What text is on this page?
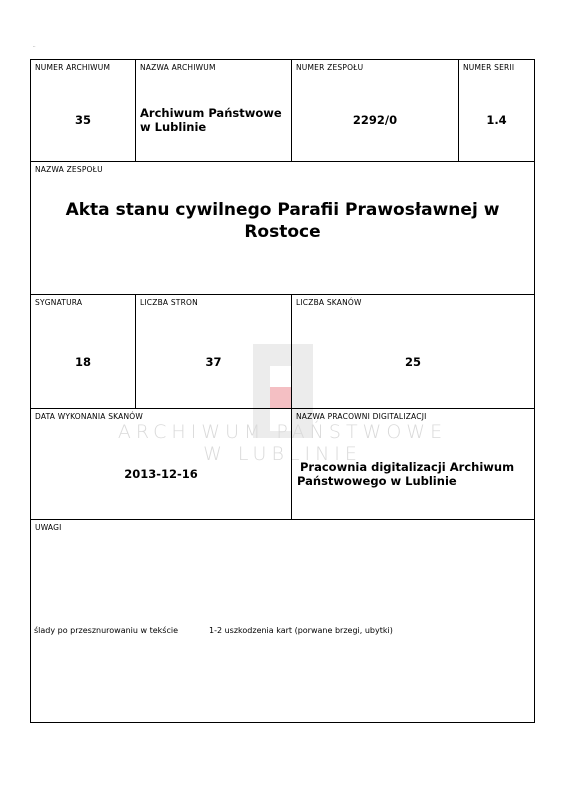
..
ARCHIWUM PAŃSTWOWE
W LUBLINIE
NUMER ARCHIWUM
35
NAZWA ARCHIWUM
Archiwum Państwowe
w Lublinie
NUMER ZESPOŁU
2292/0
NUMER SERII
1.4
NAZWA ZESPOŁU
Akta stanu cywilnego Parafii Prawosławnej w
Rostoce
SYGNATURA
18
LICZBA STRON
37
LICZBA SKANÓW
25
DATA WYKONANIA SKANÓW
2013-12-16
NAZWA PRACOWNI DIGITALIZACJI
Pracownia digitalizacji Archiwum
Państwowego w Lublinie
UWAGI
ślady po przesznurowaniu w tekście	1-2 uszkodzenia kart (porwane brzegi, ubytki)
